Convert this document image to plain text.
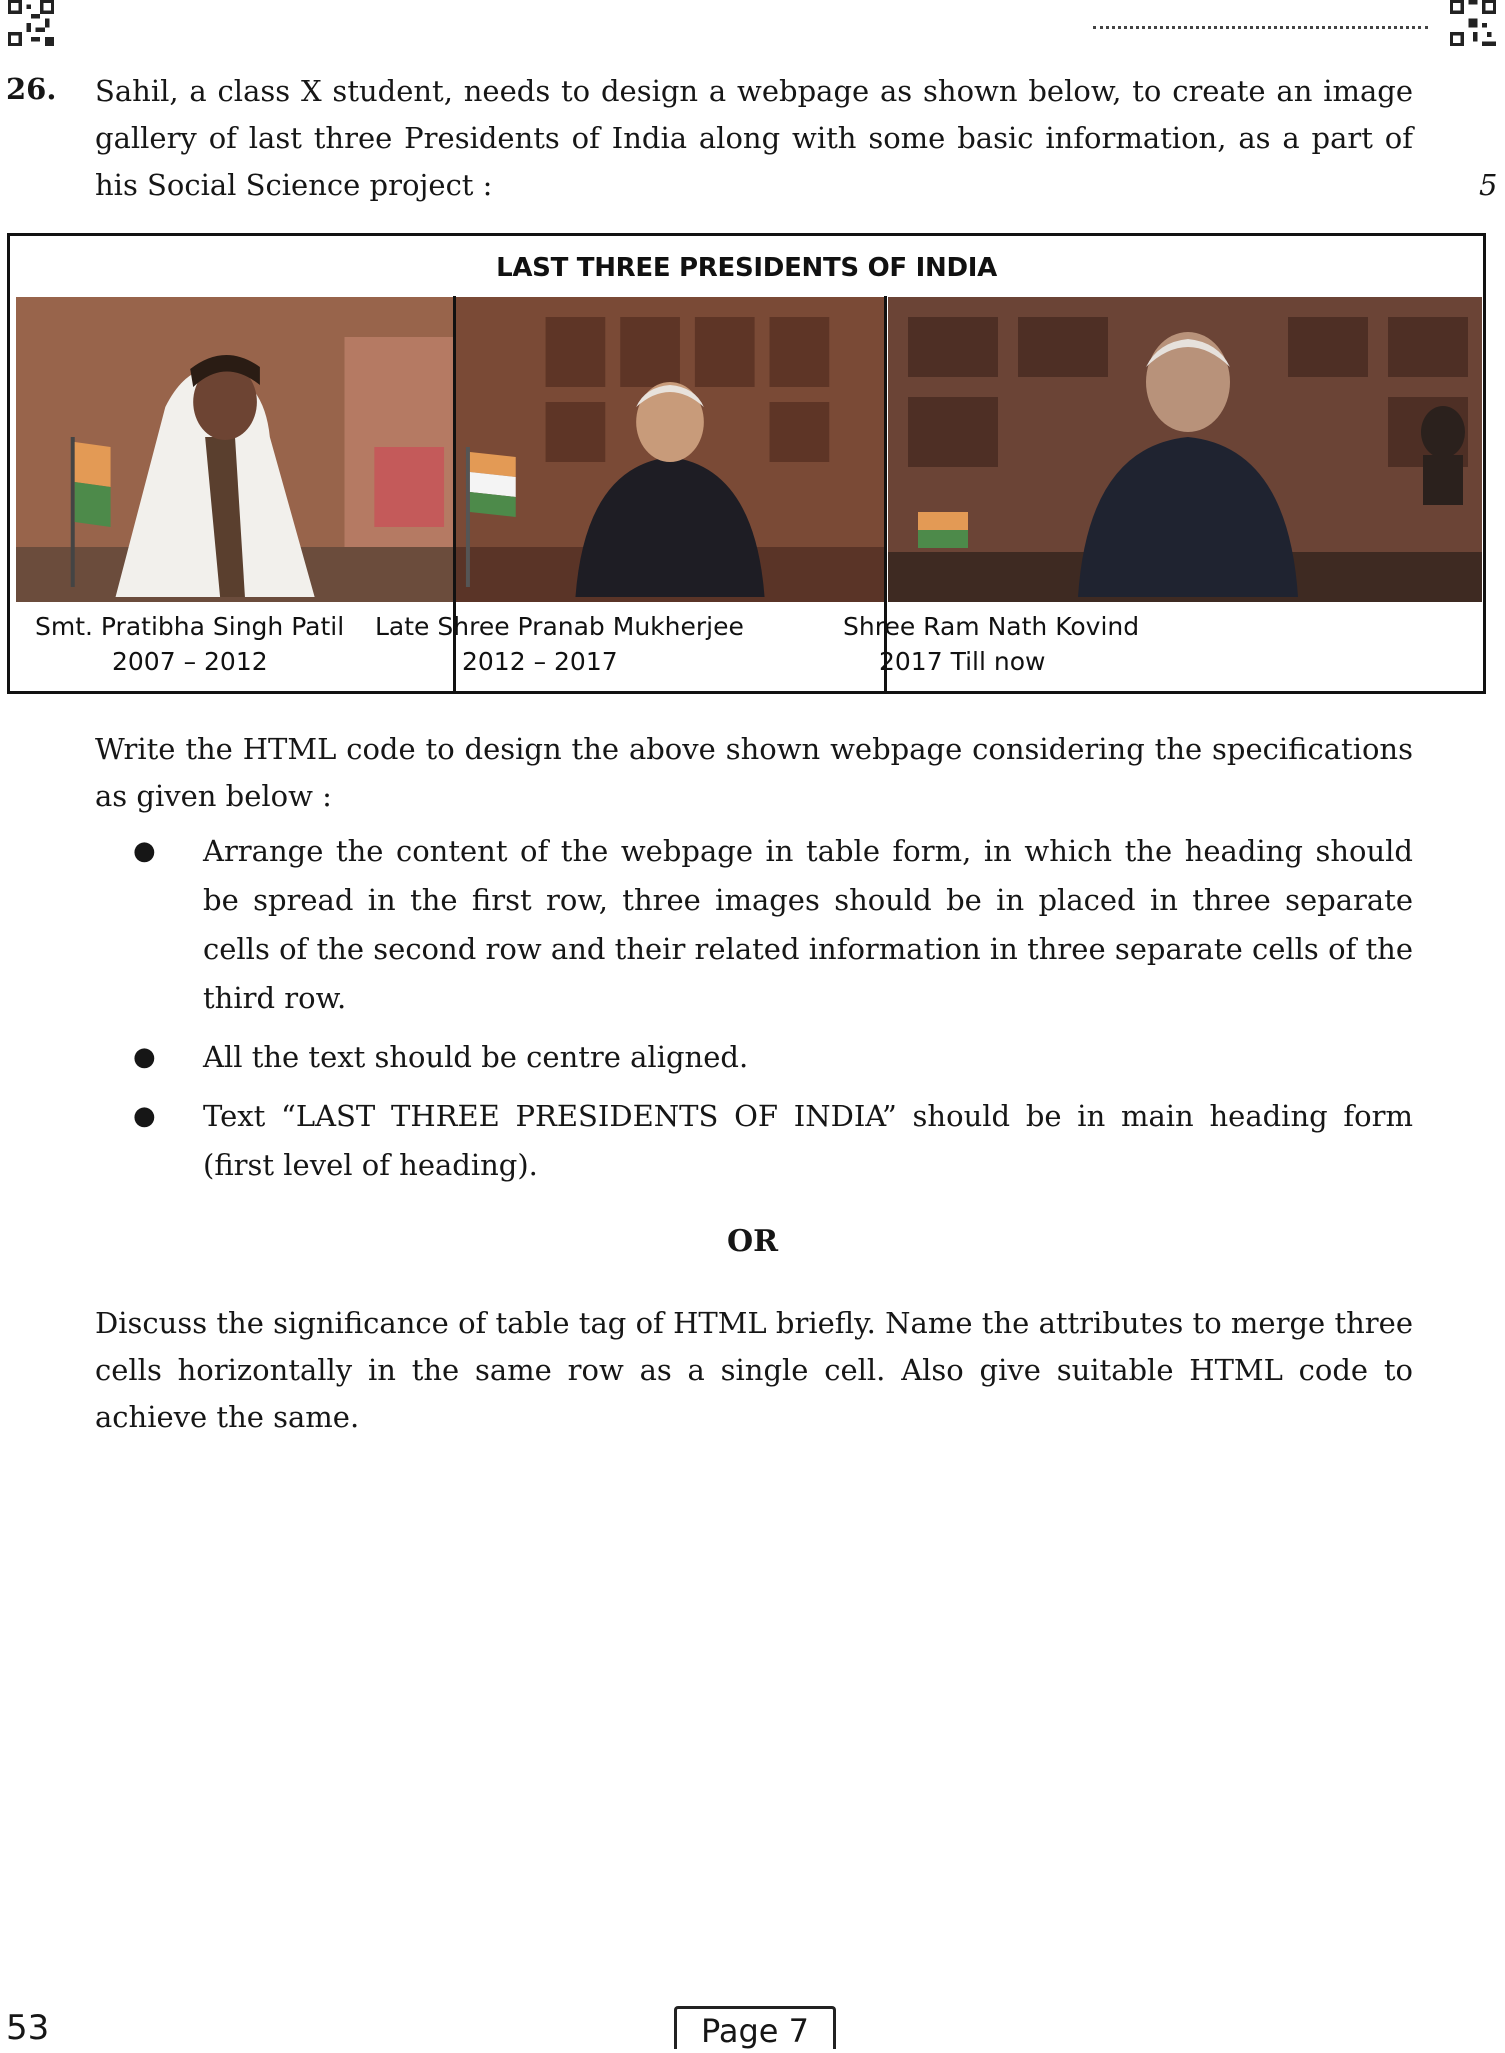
26. Sahil, a class X student, needs to design a webpage as shown below, to create an image gallery of last three Presidents of India along with some basic information, as a part of his Social Science project :	5
LAST THREE PRESIDENTS OF INDIA
Smt. Pratibha Singh Patil
2007 – 2012
Late Shree Pranab Mukherjee
2012 – 2017
Shree Ram Nath Kovind
2017 Till now

Write the HTML code to design the above shown webpage considering the specifications as given below :

● Arrange the content of the webpage in table form, in which the heading should be spread in the first row, three images should be in placed in three separate cells of the second row and their related information in three separate cells of the third row.
● All the text should be centre aligned.
● Text “LAST THREE PRESIDENTS OF INDIA” should be in main heading form (first level of heading).
OR

Discuss the significance of table tag of HTML briefly. Name the attributes to merge three cells horizontally in the same row as a single cell. Also give suitable HTML code to achieve the same.

53	Page 7
